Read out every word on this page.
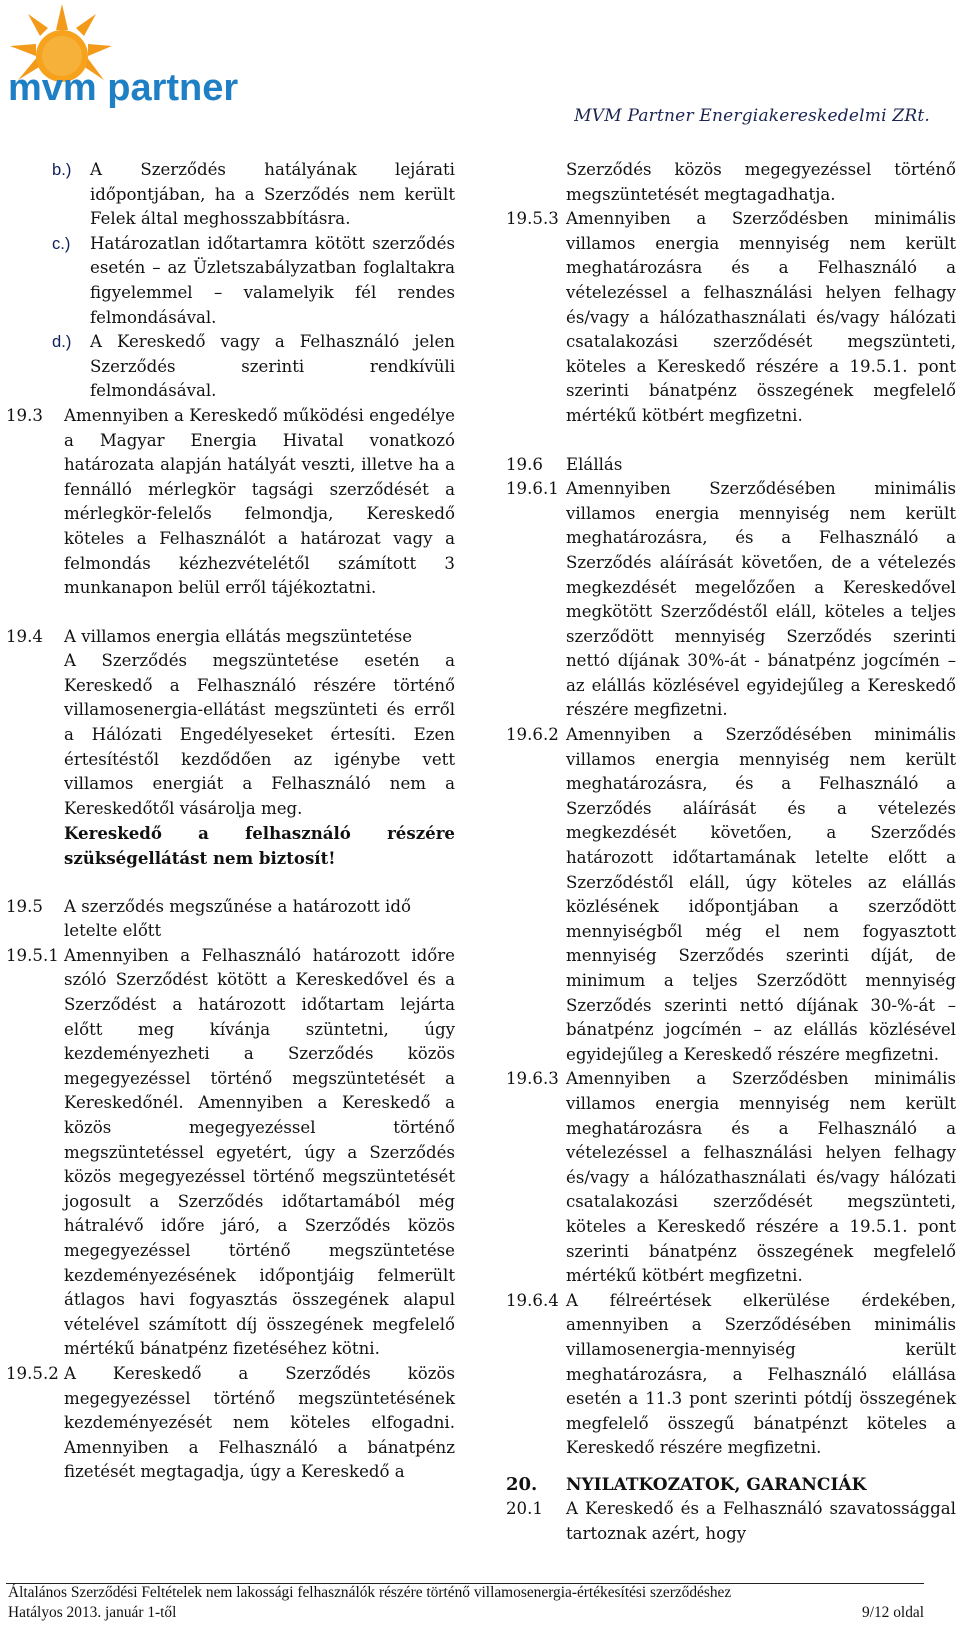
mvm partner
MVM Partner Energiakereskedelmi ZRt.
b.)	A Szerződés hatályának lejárati időpontjában, ha a Szerződés nem került Felek által meghosszabbításra.
c.)	Határozatlan időtartamra kötött szerződés esetén – az Üzletszabályzatban foglaltakra figyelemmel – valamelyik fél rendes felmondásával.
d.)	A Kereskedő vagy a Felhasználó jelen Szerződés szerinti rendkívüli felmondásával.
19.3	Amennyiben a Kereskedő működési engedélye a Magyar Energia Hivatal vonatkozó határozata alapján hatályát veszti, illetve ha a fennálló mérlegkör tagsági szerződését a mérlegkör-felelős felmondja, Kereskedő köteles a Felhasználót a határozat vagy a felmondás kézhezvételétől számított 3 munkanapon belül erről tájékoztatni.
19.4	A villamos energia ellátás megszüntetése
A Szerződés megszüntetése esetén a Kereskedő a Felhasználó részére történő villamosenergia-ellátást megszünteti és erről a Hálózati Engedélyeseket értesíti. Ezen értesítéstől kezdődően az igénybe vett villamos energiát a Felhasználó nem a Kereskedőtől vásárolja meg.
Kereskedő a felhasználó részére szükségellátást nem biztosít!
19.5	A szerződés megszűnése a határozott idő letelte előtt
19.5.1 Amennyiben a Felhasználó határozott időre szóló Szerződést kötött a Kereskedővel és a Szerződést a határozott időtartam lejárta előtt meg kívánja szüntetni, úgy kezdeményezheti a Szerződés közös megegyezéssel történő megszüntetését a Kereskedőnél. Amennyiben a Kereskedő a közös megegyezéssel történő megszüntetéssel egyetért, úgy a Szerződés közös megegyezéssel történő megszüntetését jogosult a Szerződés időtartamából még hátralévő időre járó, a Szerződés közös megegyezéssel történő megszüntetése kezdeményezésének időpontjáig felmerült átlagos havi fogyasztás összegének alapul vételével számított díj összegének megfelelő mértékű bánatpénz fizetéséhez kötni.
19.5.2 A Kereskedő a Szerződés közös megegyezéssel történő megszüntetésének kezdeményezését nem köteles elfogadni. Amennyiben a Felhasználó a bánatpénz fizetését megtagadja, úgy a Kereskedő a
Szerződés közös megegyezéssel történő megszüntetését megtagadhatja.
19.5.3 Amennyiben a Szerződésben minimális villamos energia mennyiség nem került meghatározásra és a Felhasználó a vételezéssel a felhasználási helyen felhagy és/vagy a hálózathasználati és/vagy hálózati csatalakozási szerződését megszünteti, köteles a Kereskedő részére a 19.5.1. pont szerinti bánatpénz összegének megfelelő mértékű kötbért megfizetni.
19.6	Elállás
19.6.1 Amennyiben Szerződésében minimális villamos energia mennyiség nem került meghatározásra, és a Felhasználó a Szerződés aláírását követően, de a vételezés megkezdését megelőzően a Kereskedővel megkötött Szerződéstől eláll, köteles a teljes szerződött mennyiség Szerződés szerinti nettó díjának 30%-át - bánatpénz jogcímén – az elállás közlésével egyidejűleg a Kereskedő részére megfizetni.
19.6.2 Amennyiben a Szerződésében minimális villamos energia mennyiség nem került meghatározásra, és a Felhasználó a Szerződés aláírását és a vételezés megkezdését követően, a Szerződés határozott időtartamának letelte előtt a Szerződéstől eláll, úgy köteles az elállás közlésének időpontjában a szerződött mennyiségből még el nem fogyasztott mennyiség Szerződés szerinti díját, de minimum a teljes Szerződött mennyiség Szerződés szerinti nettó díjának 30-%-át – bánatpénz jogcímén – az elállás közlésével egyidejűleg a Kereskedő részére megfizetni.
19.6.3 Amennyiben a Szerződésben minimális villamos energia mennyiség nem került meghatározásra és a Felhasználó a vételezéssel a felhasználási helyen felhagy és/vagy a hálózathasználati és/vagy hálózati csatalakozási szerződését megszünteti, köteles a Kereskedő részére a 19.5.1. pont szerinti bánatpénz összegének megfelelő mértékű kötbért megfizetni.
19.6.4 A félreértések elkerülése érdekében, amennyiben a Szerződésében minimális villamosenergia-mennyiség került meghatározásra, a Felhasználó elállása esetén a 11.3 pont szerinti pótdíj összegének megfelelő összegű bánatpénzt köteles a Kereskedő részére megfizetni.
20.	NYILATKOZATOK, GARANCIÁK
20.1	A Kereskedő és a Felhasználó szavatossággal tartoznak azért, hogy
Általános Szerződési Feltételek nem lakossági felhasználók részére történő villamosenergia-értékesítési szerződéshez
Hatályos 2013. január 1-től	9/12 oldal
